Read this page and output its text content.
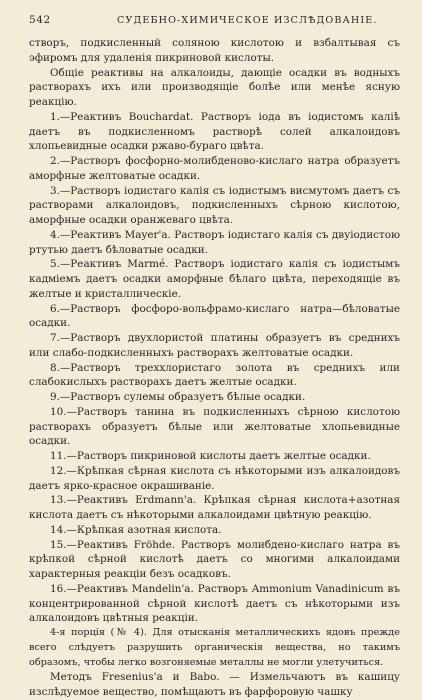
542	СУДЕБНО-ХИМИЧЕСКОЕ ИЗСЛѢДОВАНІЕ.

створъ, подкисленный соляною кислотою и взбалтывая съ эфиромъ для удаленія пикриновой кислоты.

Общіе реактивы на алкалоиды, дающіе осадки въ водныхъ растворахъ ихъ или производящіе болѣе или менѣе ясную реакцію.

1.—Реактивъ Bouchardat. Растворъ іода въ іодистомъ каліѣ даетъ въ подкисленномъ растворѣ солей алкалоидовъ хлопьевидные осадки ржаво-бураго цвѣта.

2.—Растворъ фосфорно-молибденово-кислаго натра образуетъ аморфные желтоватые осадки.

3.—Растворъ іодистаго калія съ іодистымъ висмутомъ даетъ съ растворами алкалоидовъ, подкисленныхъ сѣрною кислотою, аморфные осадки оранжеваго цвѣта.

4.—Реактивъ Mayer'a. Растворъ іодистаго калія съ двуіодистою ртутью даетъ бѣловатые осадки.

5.—Реактивъ Marmé. Растворъ іодистаго калія съ іодистымъ кадміемъ даетъ осадки аморфные бѣлаго цвѣта, переходящіе въ желтые и кристаллическіе.

6.—Растворъ фосфоро-вольфрамо-кислаго натра—бѣловатые осадки.

7.—Растворъ двухлористой платины образуетъ въ среднихъ или слабо-подкисленныхъ растворахъ желтоватые осадки.

8.—Растворъ треххлористаго золота въ среднихъ или слабокислыхъ растворахъ даетъ желтые осадки.

9.—Растворъ сулемы образуетъ бѣлые осадки.

10.—Растворъ танина въ подкисленныхъ сѣрною кислотою растворахъ образуетъ бѣлые или желтоватые хлопьевидные осадки.

11.—Растворъ пикриновой кислоты даетъ желтые осадки.

12.—Крѣпкая сѣрная кислота съ нѣкоторыми изъ алкалоидовъ даетъ ярко-красное окрашиваніе.

13.—Реактивъ Erdmann'а. Крѣпкая сѣрная кислота+азотная кислота даетъ съ нѣкоторыми алкалоидами цвѣтную реакцію.

14.—Крѣпкая азотная кислота.

15.—Реактивъ Fröhde. Растворъ молибдено-кислаго натра въ крѣпкой сѣрной кислотѣ даетъ со многими алкалоидами характерныя реакціи безъ осадковъ.

16.—Реактивъ Mandelin'а. Растворъ Ammonium Vanadinicum въ концентрированной сѣрной кислотѣ даетъ съ нѣкоторыми изъ алкалоидовъ цвѣтныя реакціи.

4-я порція (№ 4). Для отысканія металлическихъ ядовъ прежде всего слѣдуетъ разрушить органическія вещества, но такимъ образомъ, чтобы легко возгоняемые металлы не могли улетучиться.

Методъ Fresenius'а и Babo. — Измельчаютъ въ кашицу изслѣдуемое вещество, помѣщаютъ въ фарфоровую чашку
